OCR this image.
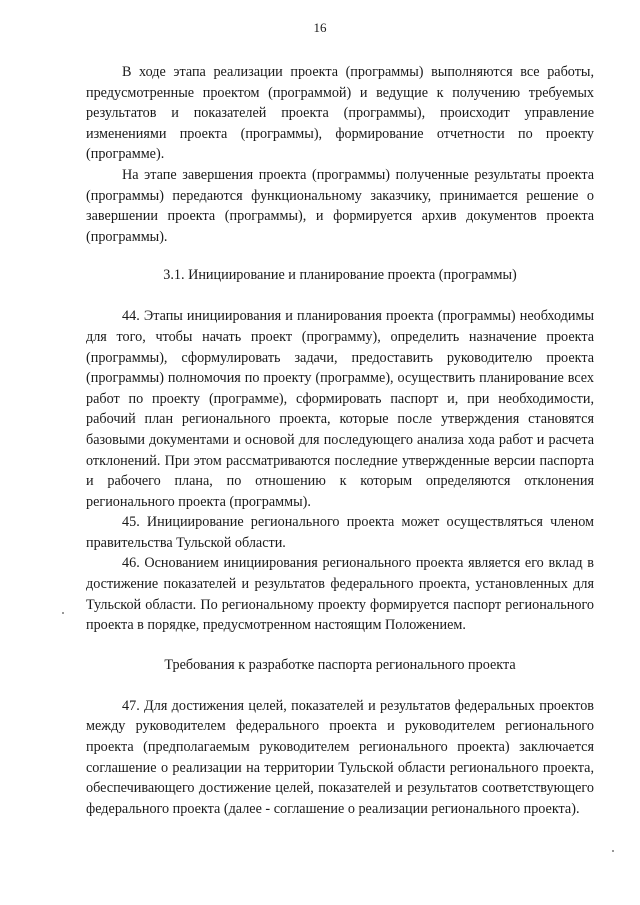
16

В ходе этапа реализации проекта (программы) выполняются все работы, предусмотренные проектом (программой) и ведущие к получению требуемых результатов и показателей проекта (программы), происходит управление изменениями проекта (программы), формирование отчетности по проекту (программе).

На этапе завершения проекта (программы) полученные результаты проекта (программы) передаются функциональному заказчику, принимается решение о завершении проекта (программы), и формируется архив документов проекта (программы).

3.1. Инициирование и планирование проекта (программы)

44. Этапы инициирования и планирования проекта (программы) необходимы для того, чтобы начать проект (программу), определить назначение проекта (программы), сформулировать задачи, предоставить руководителю проекта (программы) полномочия по проекту (программе), осуществить планирование всех работ по проекту (программе), сформировать паспорт и, при необходимости, рабочий план регионального проекта, которые после утверждения становятся базовыми документами и основой для последующего анализа хода работ и расчета отклонений. При этом рассматриваются последние утвержденные версии паспорта и рабочего плана, по отношению к которым определяются отклонения регионального проекта (программы).

45. Инициирование регионального проекта может осуществляться членом правительства Тульской области.

46. Основанием инициирования регионального проекта является его вклад в достижение показателей и результатов федерального проекта, установленных для Тульской области. По региональному проекту формируется паспорт регионального проекта в порядке, предусмотренном настоящим Положением.

Требования к разработке паспорта регионального проекта

47. Для достижения целей, показателей и результатов федеральных проектов между руководителем федерального проекта и руководителем регионального проекта (предполагаемым руководителем регионального проекта) заключается соглашение о реализации на территории Тульской области регионального проекта, обеспечивающего достижение целей, показателей и результатов соответствующего федерального проекта (далее - соглашение о реализации регионального проекта).
